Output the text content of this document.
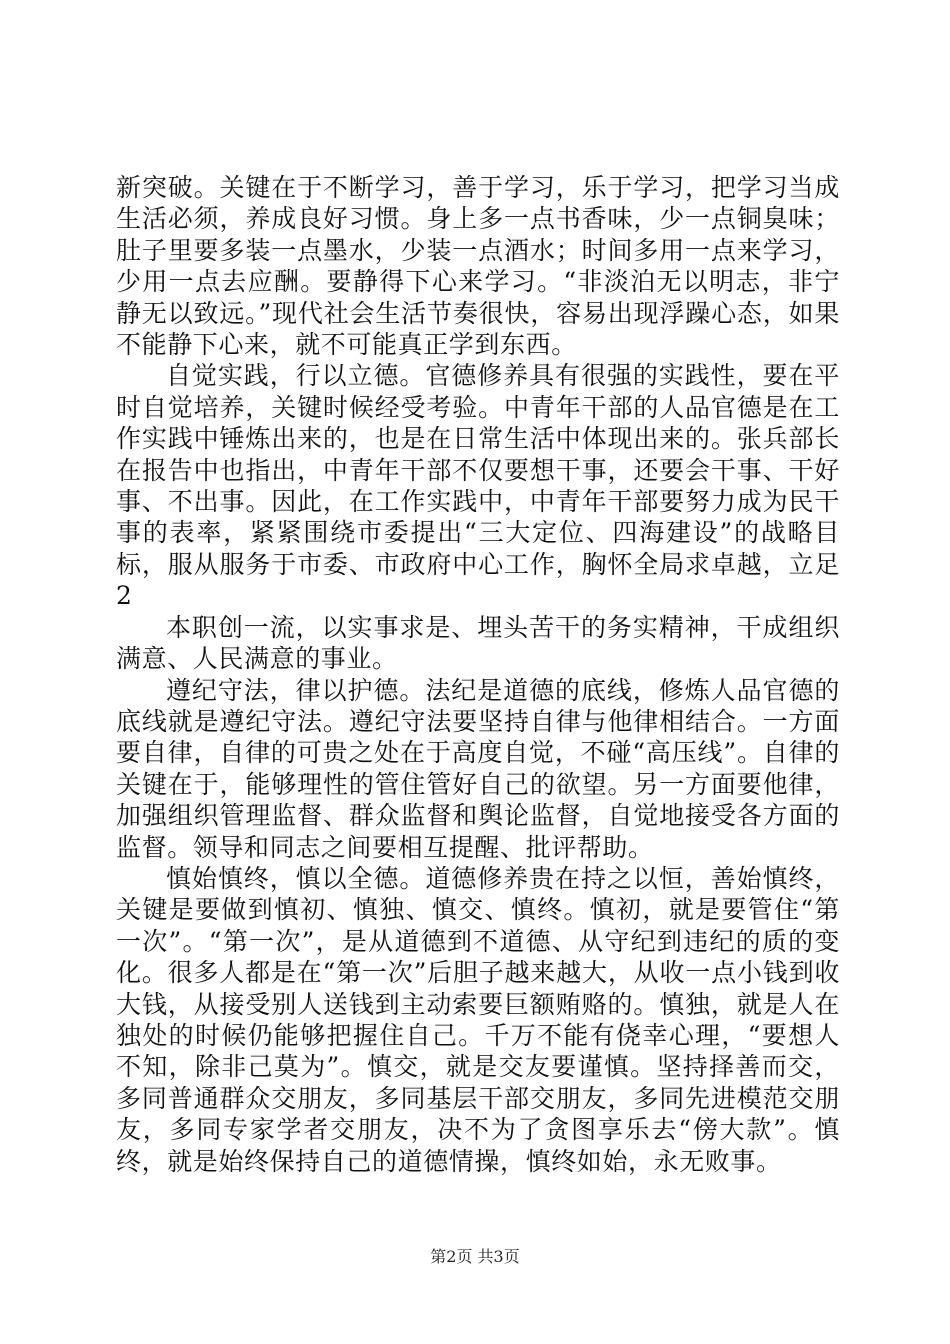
新突破。关键在于不断学习，善于学习，乐于学习，把学习当成生活必须，养成良好习惯。身上多一点书香味，少一点铜臭味；肚子里要多装一点墨水，少装一点酒水；时间多用一点来学习，少用一点去应酬。要静得下心来学习。“非淡泊无以明志，非宁静无以致远。”现代社会生活节奏很快，容易出现浮躁心态，如果不能静下心来，就不可能真正学到东西。

自觉实践，行以立德。官德修养具有很强的实践性，要在平时自觉培养，关键时候经受考验。中青年干部的人品官德是在工作实践中锤炼出来的，也是在日常生活中体现出来的。张兵部长在报告中也指出，中青年干部不仅要想干事，还要会干事、干好事、不出事。因此，在工作实践中，中青年干部要努力成为民干事的表率，紧紧围绕市委提出“三大定位、四海建设”的战略目标，服从服务于市委、市政府中心工作，胸怀全局求卓越，立足2

本职创一流，以实事求是、埋头苦干的务实精神，干成组织满意、人民满意的事业。

遵纪守法，律以护德。法纪是道德的底线，修炼人品官德的底线就是遵纪守法。遵纪守法要坚持自律与他律相结合。一方面要自律，自律的可贵之处在于高度自觉，不碰“高压线”。自律的关键在于，能够理性的管住管好自己的欲望。另一方面要他律，加强组织管理监督、群众监督和舆论监督，自觉地接受各方面的监督。领导和同志之间要相互提醒、批评帮助。

慎始慎终，慎以全德。道德修养贵在持之以恒，善始慎终，关键是要做到慎初、慎独、慎交、慎终。慎初，就是要管住“第一次”。“第一次”，是从道德到不道德、从守纪到违纪的质的变化。很多人都是在“第一次”后胆子越来越大，从收一点小钱到收大钱，从接受别人送钱到主动索要巨额贿赂的。慎独，就是人在独处的时候仍能够把握住自己。千万不能有侥幸心理，“要想人不知，除非己莫为”。慎交，就是交友要谨慎。坚持择善而交，多同普通群众交朋友，多同基层干部交朋友，多同先进模范交朋友，多同专家学者交朋友，决不为了贪图享乐去“傍大款”。慎终，就是始终保持自己的道德情操，慎终如始，永无败事。

第2页 共3页
